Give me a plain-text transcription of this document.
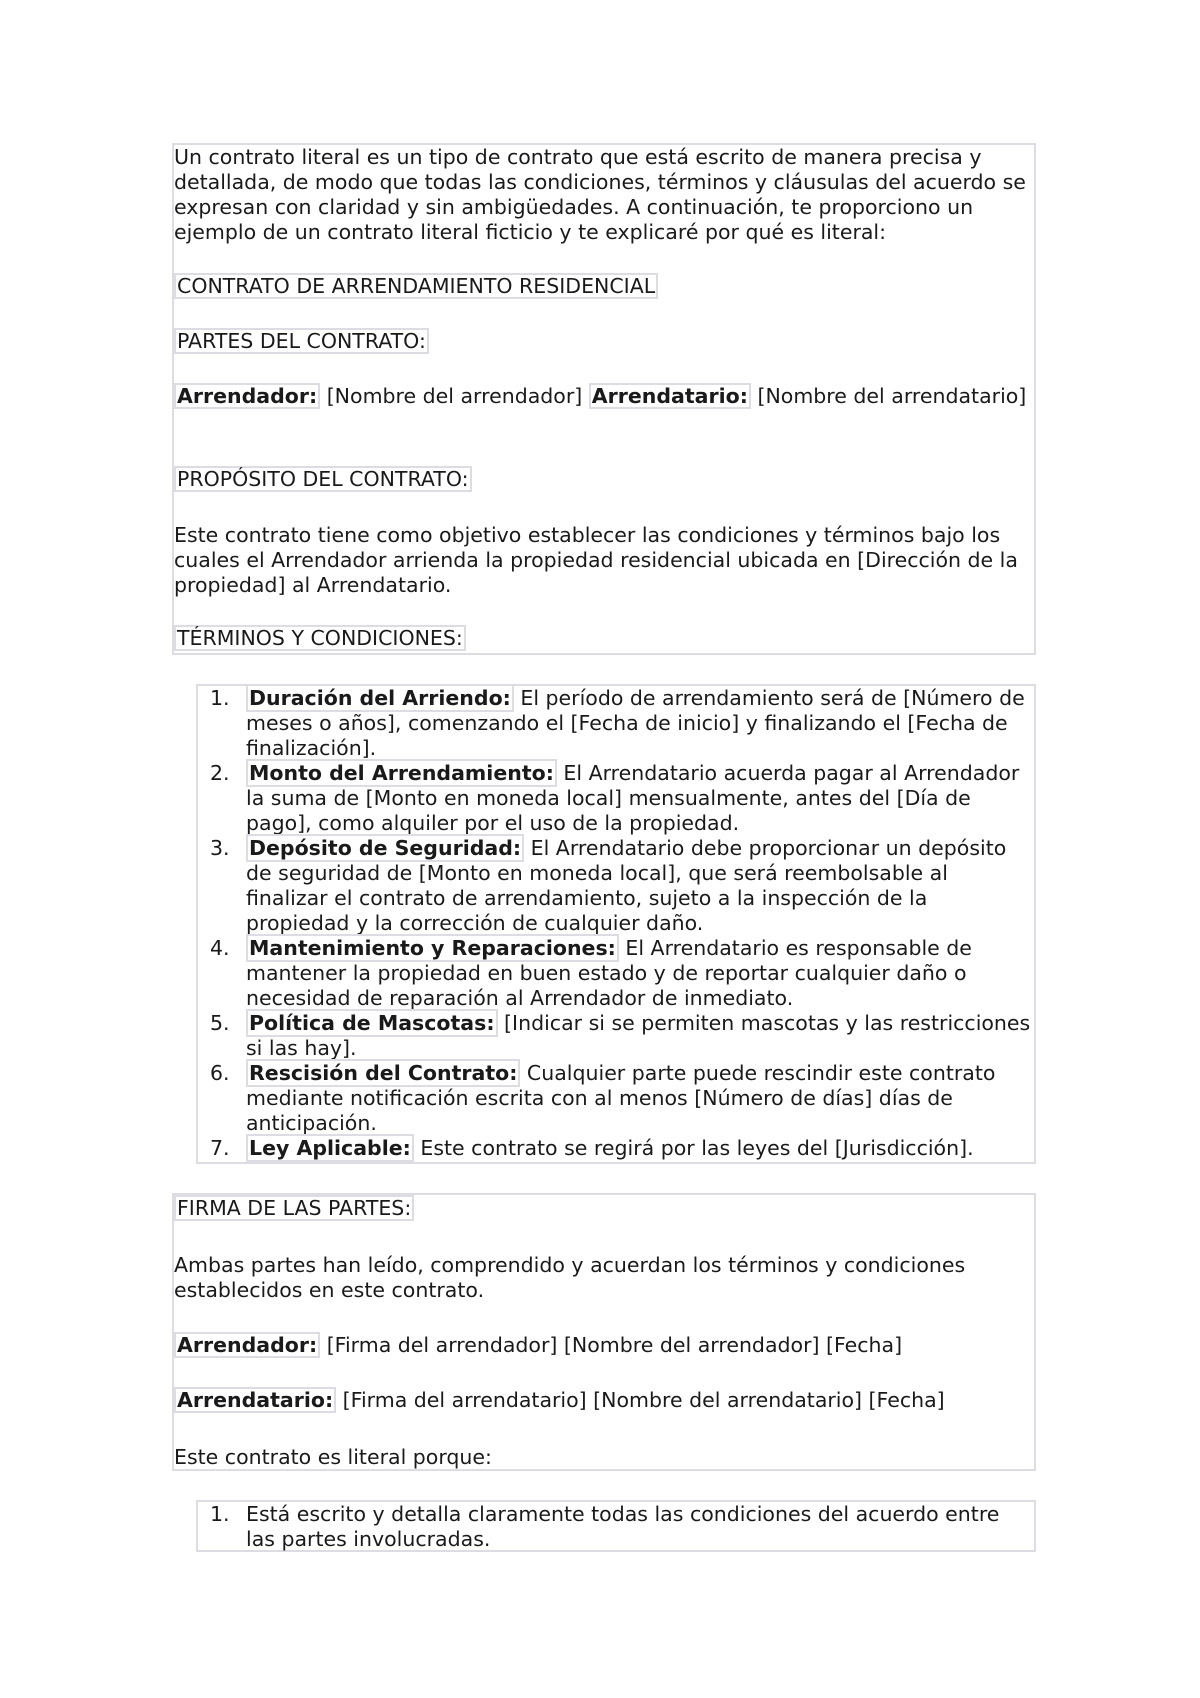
Un contrato literal es un tipo de contrato que está escrito de manera precisa y detallada, de modo que todas las condiciones, términos y cláusulas del acuerdo se expresan con claridad y sin ambigüedades. A continuación, te proporciono un ejemplo de un contrato literal ficticio y te explicaré por qué es literal:

CONTRATO DE ARRENDAMIENTO RESIDENCIAL
PARTES DEL CONTRATO:

Arrendador: [Nombre del arrendador] Arrendatario: [Nombre del arrendatario]

PROPÓSITO DEL CONTRATO:

Este contrato tiene como objetivo establecer las condiciones y términos bajo los cuales el Arrendador arrienda la propiedad residencial ubicada en [Dirección de la propiedad] al Arrendatario.

TÉRMINOS Y CONDICIONES:
1. Duración del Arriendo: El período de arrendamiento será de [Número de meses o años], comenzando el [Fecha de inicio] y finalizando el [Fecha de finalización].
2. Monto del Arrendamiento: El Arrendatario acuerda pagar al Arrendador la suma de [Monto en moneda local] mensualmente, antes del [Día de pago], como alquiler por el uso de la propiedad.
3. Depósito de Seguridad: El Arrendatario debe proporcionar un depósito de seguridad de [Monto en moneda local], que será reembolsable al finalizar el contrato de arrendamiento, sujeto a la inspección de la propiedad y la corrección de cualquier daño.
4. Mantenimiento y Reparaciones: El Arrendatario es responsable de mantener la propiedad en buen estado y de reportar cualquier daño o necesidad de reparación al Arrendador de inmediato.
5. Política de Mascotas: [Indicar si se permiten mascotas y las restricciones si las hay].
6. Rescisión del Contrato: Cualquier parte puede rescindir este contrato mediante notificación escrita con al menos [Número de días] días de anticipación.
7. Ley Aplicable: Este contrato se regirá por las leyes del [Jurisdicción].
FIRMA DE LAS PARTES:

Ambas partes han leído, comprendido y acuerdan los términos y condiciones establecidos en este contrato.

Arrendador: [Firma del arrendador] [Nombre del arrendador] [Fecha]

Arrendatario: [Firma del arrendatario] [Nombre del arrendatario] [Fecha]

Este contrato es literal porque:

1. Está escrito y detalla claramente todas las condiciones del acuerdo entre las partes involucradas.
